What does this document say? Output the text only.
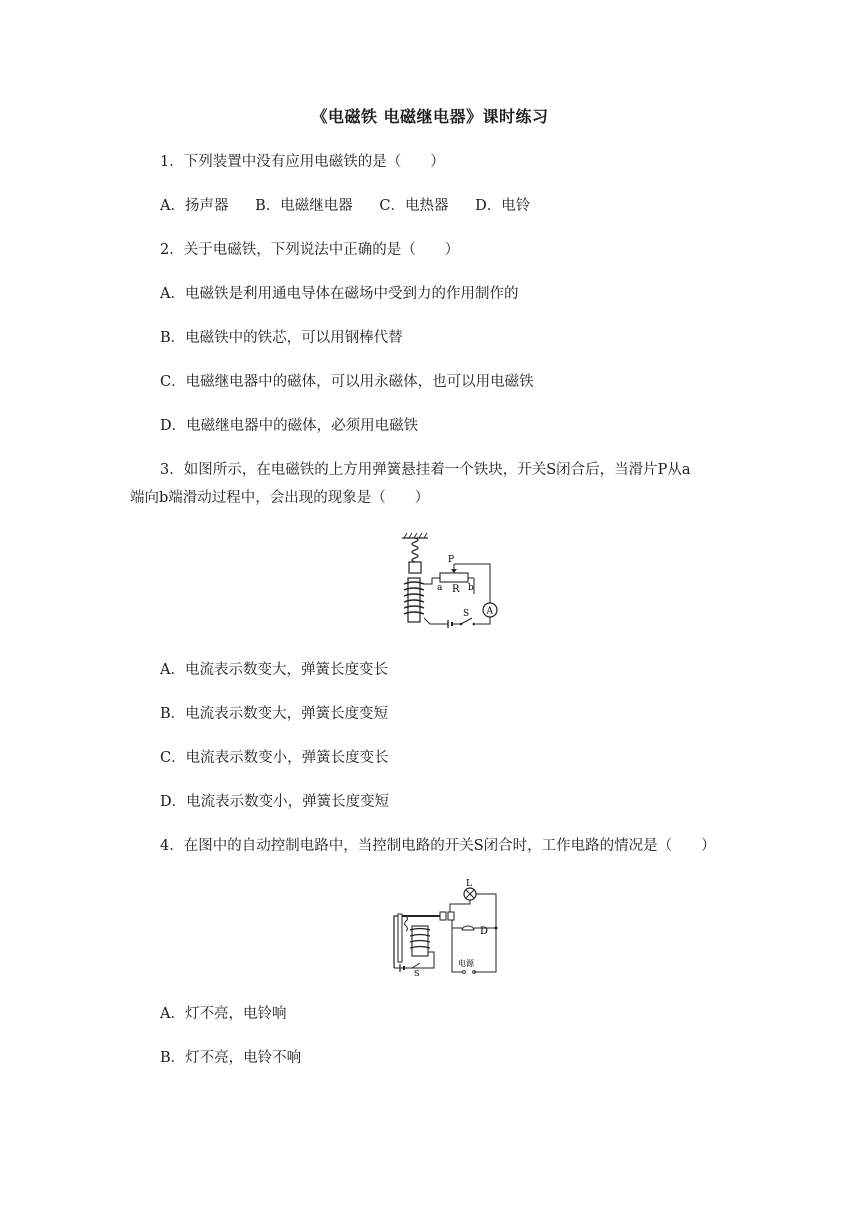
《电磁铁 电磁继电器》课时练习
1．下列装置中没有应用电磁铁的是（　　）
A．扬声器 B．电磁继电器 C．电热器 D．电铃
2．关于电磁铁，下列说法中正确的是（　　）
A．电磁铁是利用通电导体在磁场中受到力的作用制作的
B．电磁铁中的铁芯，可以用钢棒代替
C．电磁继电器中的磁体，可以用永磁体，也可以用电磁铁
D．电磁继电器中的磁体，必须用电磁铁
3．如图所示，在电磁铁的上方用弹簧悬挂着一个铁块，开关S闭合后，当滑片P从a
端向b端滑动过程中，会出现的现象是（　　）
P
a R b
A
S
A．电流表示数变大，弹簧长度变长
B．电流表示数变大，弹簧长度变短
C．电流表示数变小，弹簧长度变长
D．电流表示数变小，弹簧长度变短
4．在图中的自动控制电路中，当控制电路的开关S闭合时，工作电路的情况是（　　）
L
D
电源
S
A．灯不亮，电铃响
B．灯不亮，电铃不响
